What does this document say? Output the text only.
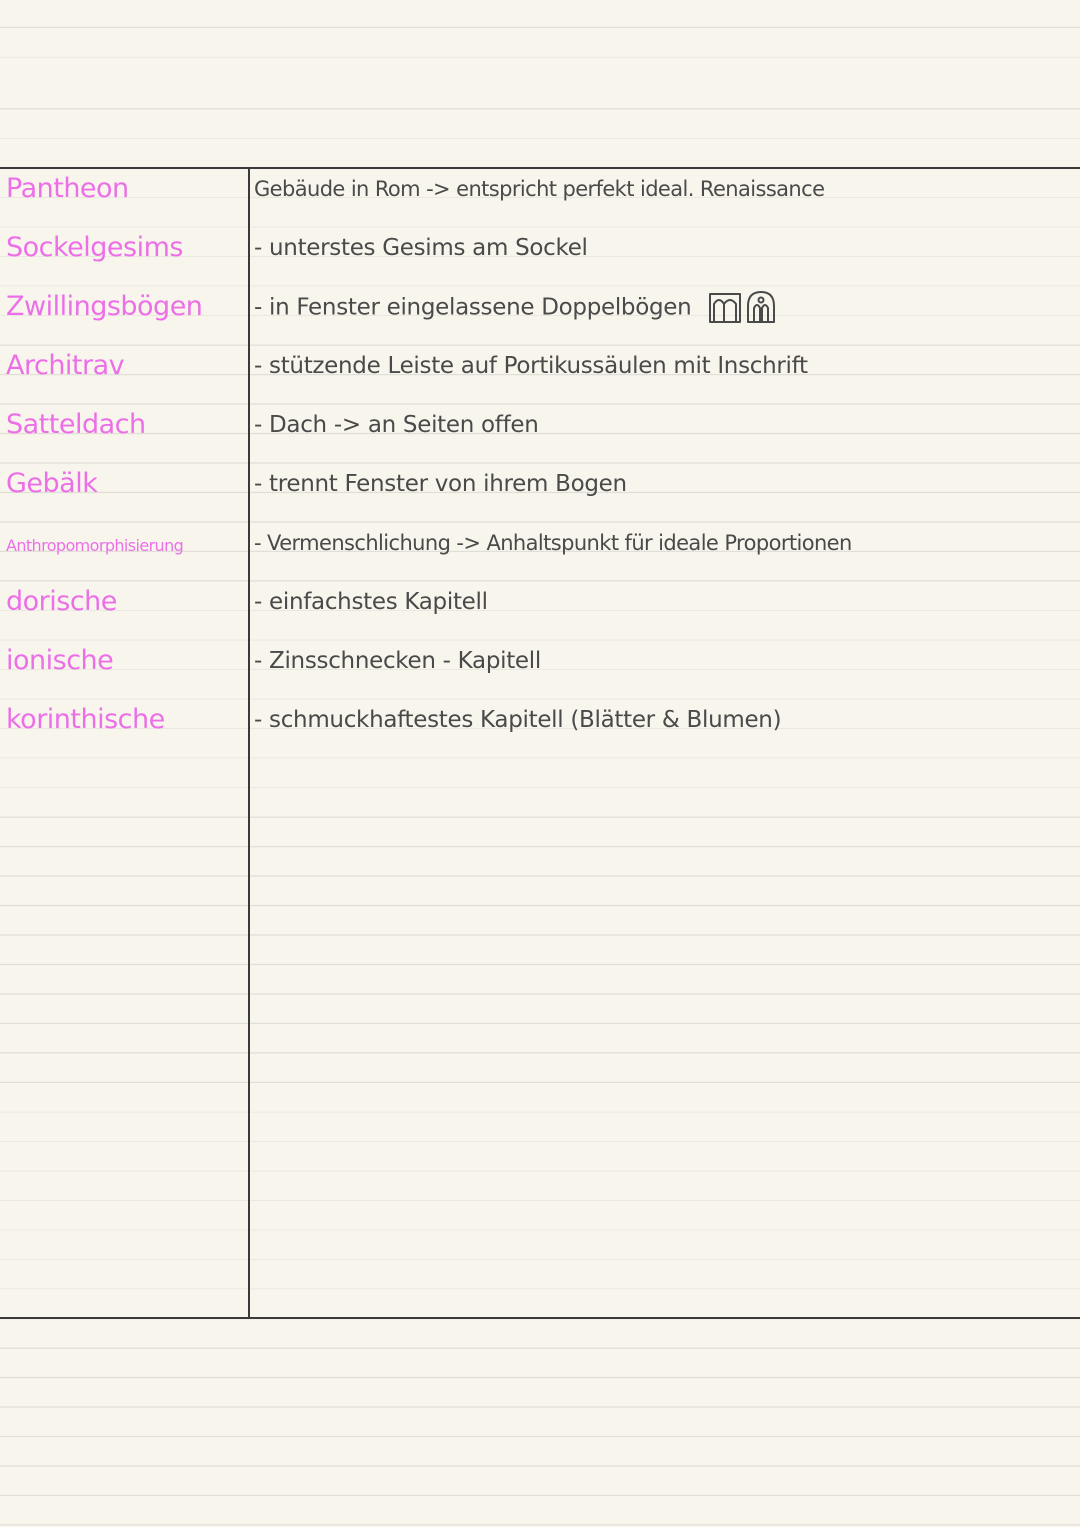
Pantheon	Gebäude in Rom -> entspricht perfekt ideal. Renaissance
Sockelgesims	- unterstes Gesims am Sockel
Zwillingsbögen	- in Fenster eingelassene Doppelbögen
Architrav	- stützende Leiste auf Portikussäulen mit Inschrift
Satteldach	- Dach -> an Seiten offen
Gebälk	- trennt Fenster von ihrem Bogen
Anthropomorphisierung	- Vermenschlichung -> Anhaltspunkt für ideale Proportionen
dorische	- einfachstes Kapitell
ionische	- Zinsschnecken - Kapitell
korinthische	- schmuckhaftestes Kapitell (Blätter & Blumen)
